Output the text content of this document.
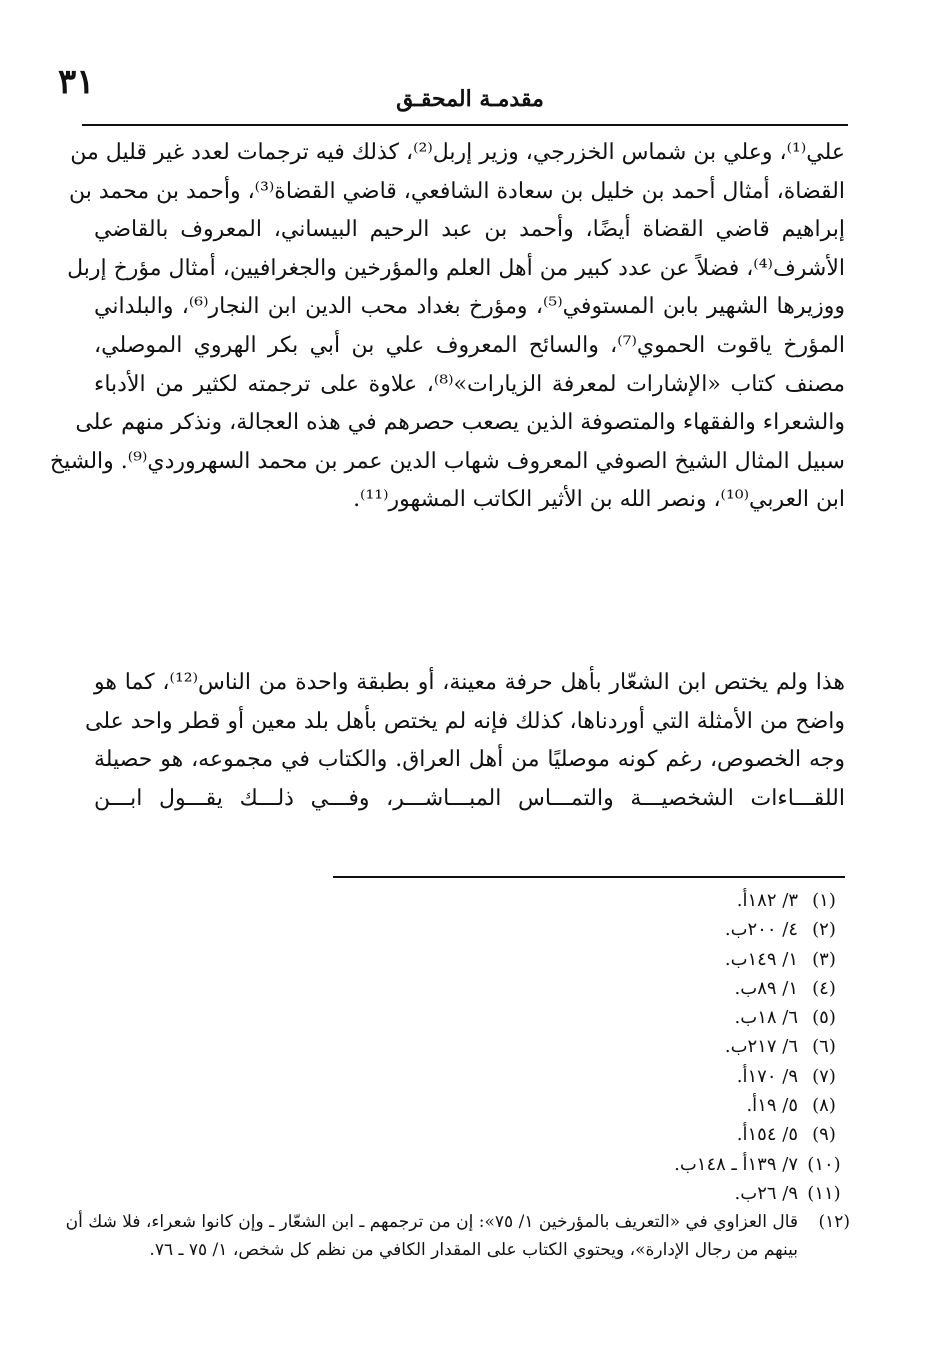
٣١	مقدمـة المحقـق
علي⁽¹⁾، وعلي بن شماس الخزرجي، وزير إربل⁽²⁾، كذلك فيه ترجمات لعدد غير قليل من
القضاة، أمثال أحمد بن خليل بن سعادة الشافعي، قاضي القضاة⁽³⁾، وأحمد بن محمد بن
إبراهيم قاضي القضاة أيضًا، وأحمد بن عبد الرحيم البيساني، المعروف بالقاضي
الأشرف⁽⁴⁾، فضلاً عن عدد كبير من أهل العلم والمؤرخين والجغرافيين، أمثال مؤرخ إربل
ووزيرها الشهير بابن المستوفي⁽⁵⁾، ومؤرخ بغداد محب الدين ابن النجار⁽⁶⁾، والبلداني
المؤرخ ياقوت الحموي⁽⁷⁾، والسائح المعروف علي بن أبي بكر الهروي الموصلي،
مصنف كتاب «الإشارات لمعرفة الزيارات»⁽⁸⁾، علاوة على ترجمته لكثير من الأدباء
والشعراء والفقهاء والمتصوفة الذين يصعب حصرهم في هذه العجالة، ونذكر منهم على
سبيل المثال الشيخ الصوفي المعروف شهاب الدين عمر بن محمد السهروردي⁽⁹⁾. والشيخ
ابن العربي⁽¹⁰⁾، ونصر الله بن الأثير الكاتب المشهور⁽¹¹⁾.
هذا ولم يختص ابن الشعّار بأهل حرفة معينة، أو بطبقة واحدة من الناس⁽¹²⁾، كما هو
واضح من الأمثلة التي أوردناها، كذلك فإنه لم يختص بأهل بلد معين أو قطر واحد على
وجه الخصوص، رغم كونه موصليًا من أهل العراق. والكتاب في مجموعه، هو حصيلة
اللقـــاءات الشخصيـــة والتمـــاس المبـــاشـــر، وفـــي ذلـــك يقـــول ابـــن
(١)٣/ ١٨٢أ.
(٢)٤/ ٢٠٠ب.
(٣)١/ ١٤٩ب.
(٤)١/ ٨٩ب.
(٥)٦/ ١٨ب.
(٦)٦/ ٢١٧ب.
(٧)٩/ ١٧٠أ.
(٨)٥/ ١٩أ.
(٩)٥/ ١٥٤أ.
(١٠)٧/ ١٣٩أ ـ ١٤٨ب.
(١١)٩/ ٢٦ب.
(١٢)قال العزاوي في «التعريف بالمؤرخين ١/ ٧٥»: إن من ترجمهم ـ ابن الشعّار ـ وإن كانوا شعراء، فلا شك أن
بينهم من رجال الإدارة»، ويحتوي الكتاب على المقدار الكافي من نظم كل شخص، ١/ ٧٥ ـ ٧٦.
